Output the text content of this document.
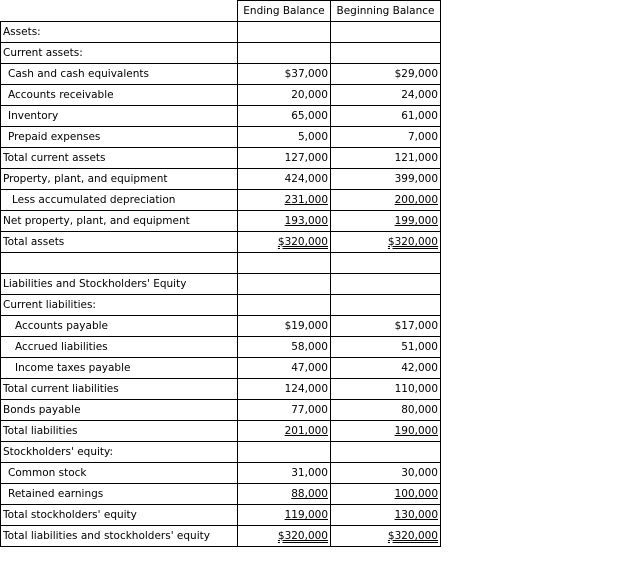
	Ending Balance	Beginning Balance
Assets:		
Current assets:		
Cash and cash equivalents	$37,000	$29,000
Accounts receivable	20,000	24,000
Inventory	65,000	61,000
Prepaid expenses	5,000	7,000
Total current assets	127,000	121,000
Property, plant, and equipment	424,000	399,000
Less accumulated depreciation	231,000	200,000
Net property, plant, and equipment	193,000	199,000
Total assets	$320,000	$320,000

Liabilities and Stockholders' Equity		
Current liabilities:		
Accounts payable	$19,000	$17,000
Accrued liabilities	58,000	51,000
Income taxes payable	47,000	42,000
Total current liabilities	124,000	110,000
Bonds payable	77,000	80,000
Total liabilities	201,000	190,000
Stockholders' equity:		
Common stock	31,000	30,000
Retained earnings	88,000	100,000
Total stockholders' equity	119,000	130,000
Total liabilities and stockholders' equity	$320,000	$320,000
